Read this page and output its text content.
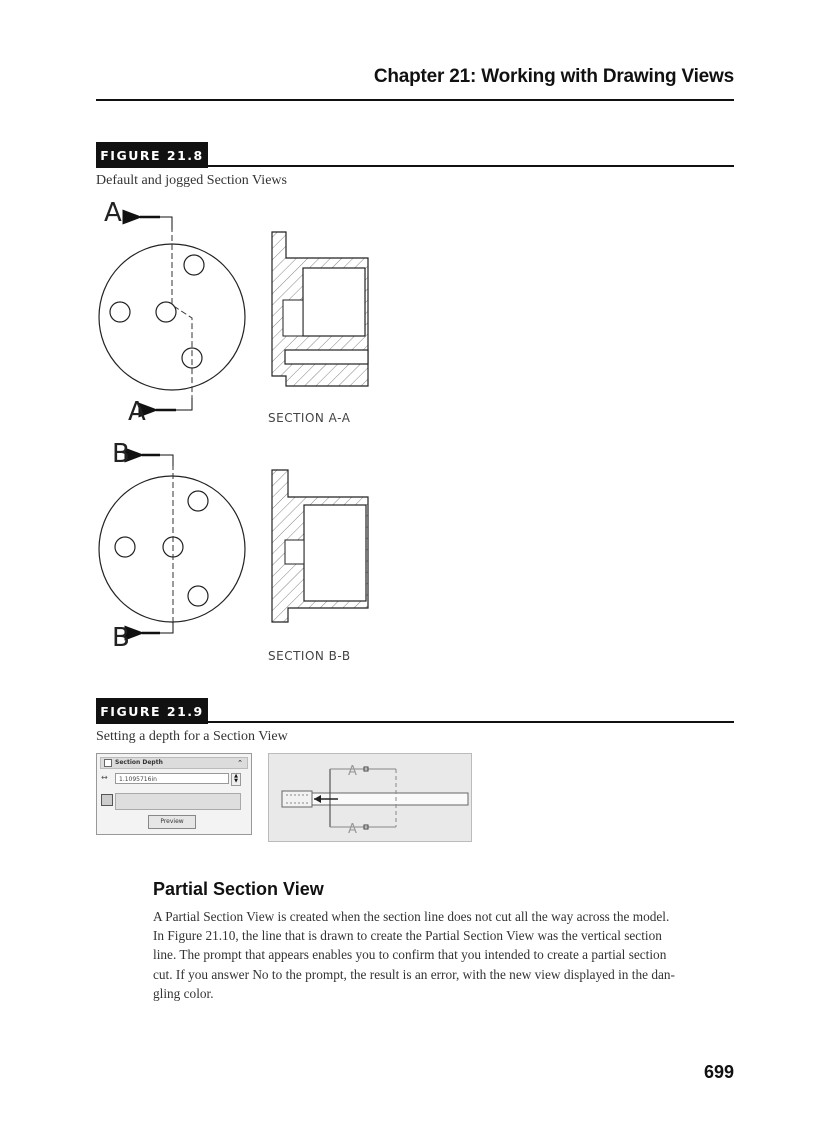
Chapter 21: Working with Drawing Views
FIGURE 21.8
Default and jogged Section Views
A
A	SECTION A-A
B
B
SECTION B-B
FIGURE 21.9
Setting a depth for a Section View
Section Depth	⌃
↔	1.1095716in	▲
▼
Preview
A
A
Partial Section View
A Partial Section View is created when the section line does not cut all the way across the model.
In Figure 21.10, the line that is drawn to create the Partial Section View was the vertical section
line. The prompt that appears enables you to confirm that you intended to create a partial section
cut. If you answer No to the prompt, the result is an error, with the new view displayed in the dan-
gling color.
699
